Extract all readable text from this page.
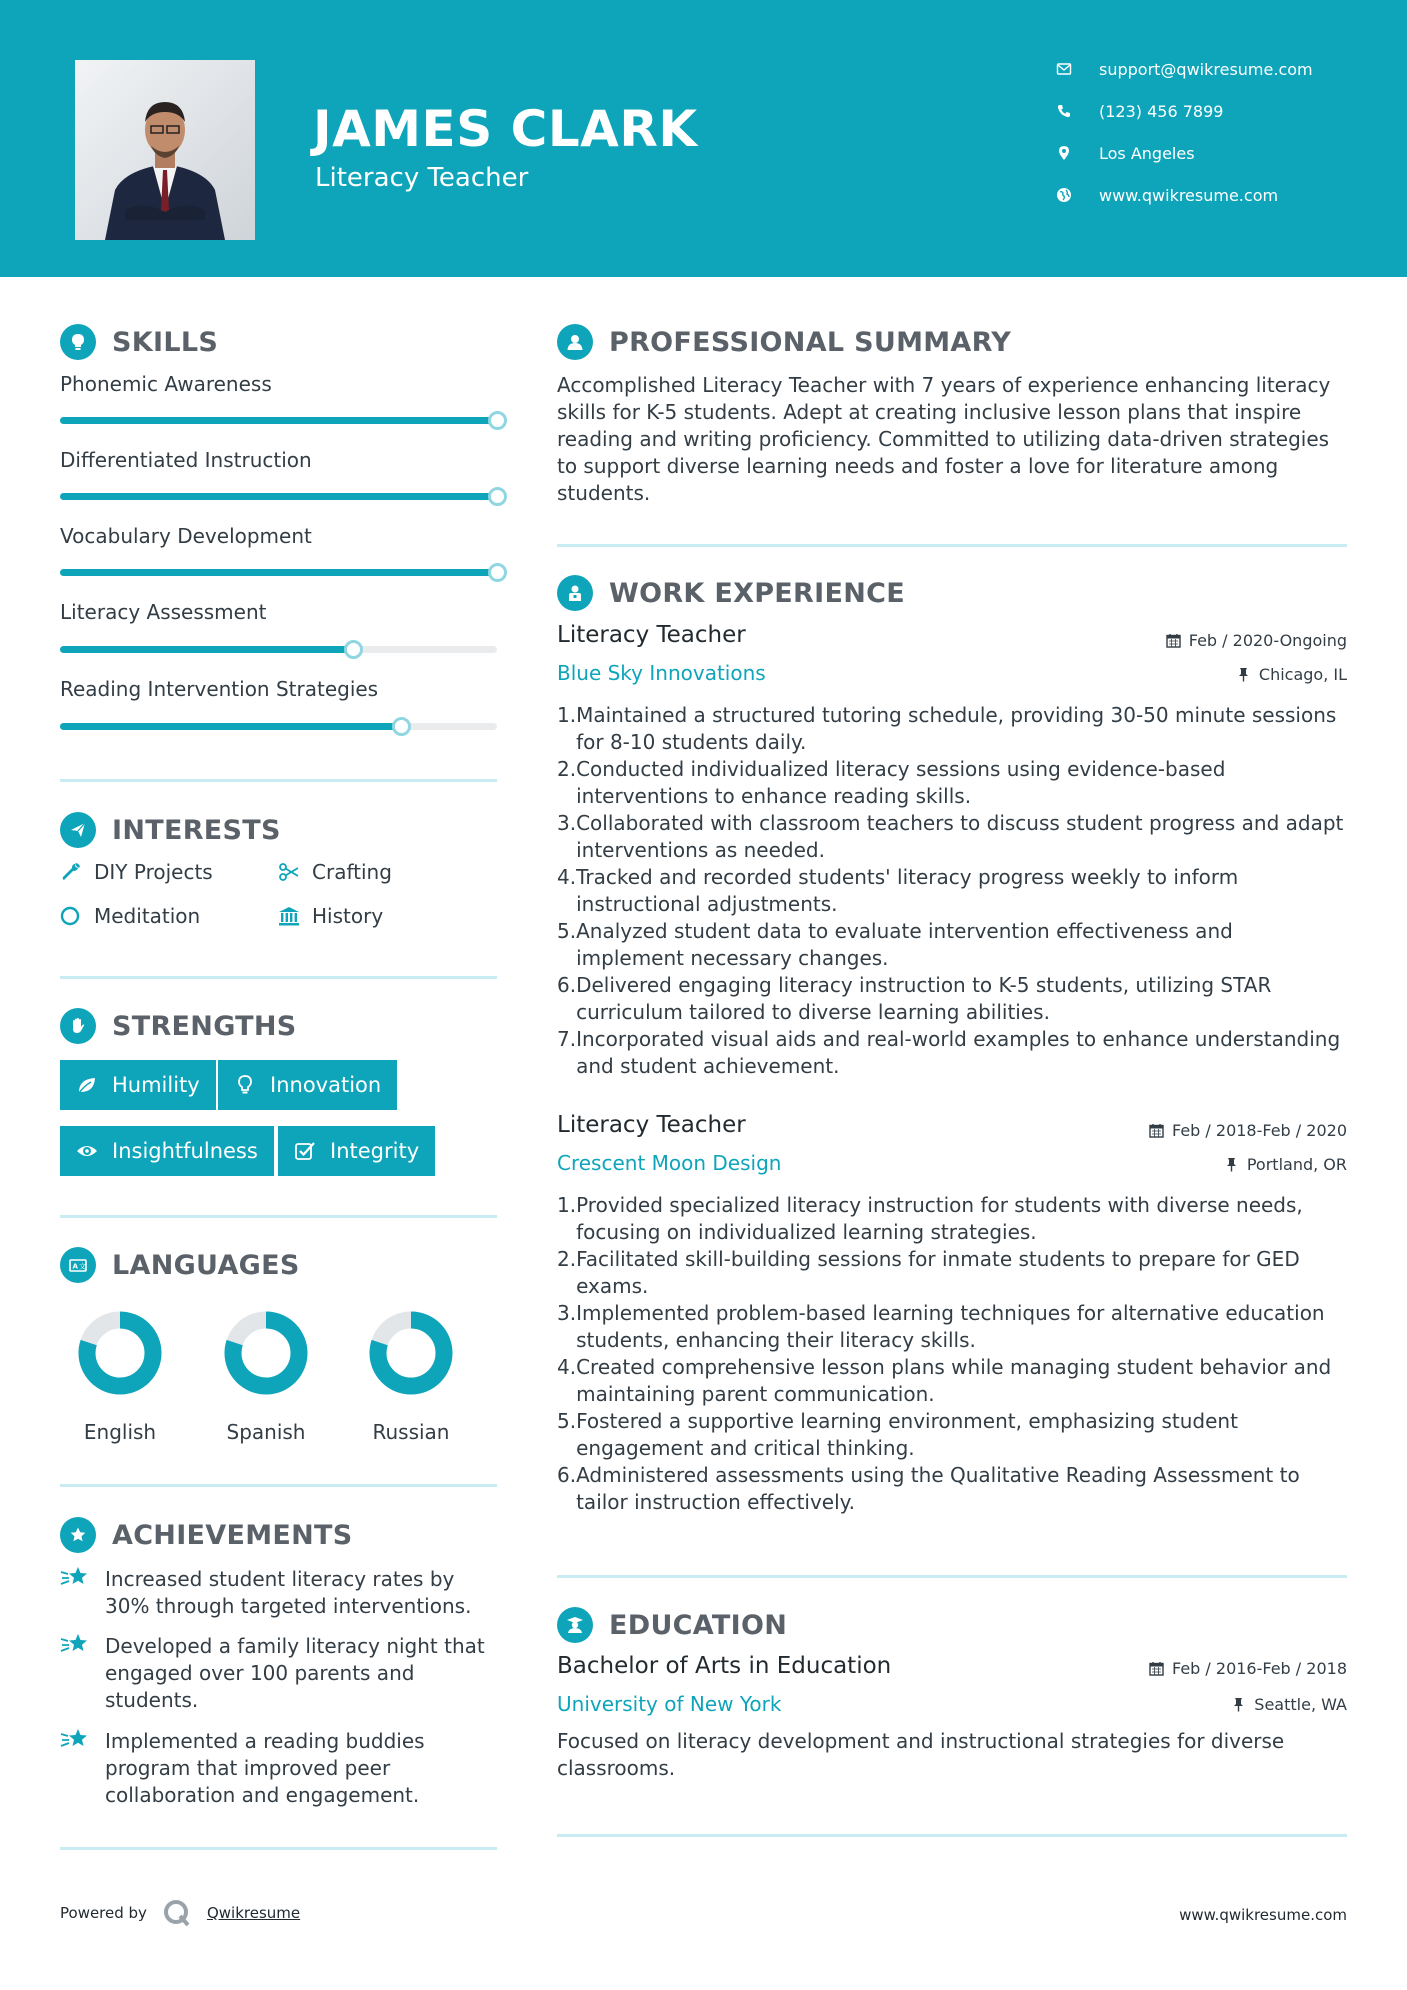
JAMES CLARK
Literacy Teacher
support@qwikresume.com
(123) 456 7899
Los Angeles
www.qwikresume.com
SKILLS
Phonemic Awareness
Differentiated Instruction
Vocabulary Development
Literacy Assessment
Reading Intervention Strategies
INTERESTS
DIY Projects	Crafting
Meditation	History
STRENGTHS
Humility	Innovation
Insightfulness	Integrity
A 文 LANGUAGES
English	Spanish	Russian
ACHIEVEMENTS
Increased student literacy rates by 30% through targeted interventions.
Developed a family literacy night that engaged over 100 parents and students.
Implemented a reading buddies program that improved peer collaboration and engagement.
PROFESSIONAL SUMMARY
Accomplished Literacy Teacher with 7 years of experience enhancing literacy skills for K-5 students. Adept at creating inclusive lesson plans that inspire reading and writing proficiency. Committed to utilizing data-driven strategies to support diverse learning needs and foster a love for literature among students.
WORK EXPERIENCE
Literacy Teacher	Feb / 2020-Ongoing
Blue Sky Innovations	Chicago, IL
1. Maintained a structured tutoring schedule, providing 30-50 minute sessions for 8-10 students daily.
2. Conducted individualized literacy sessions using evidence-based interventions to enhance reading skills.
3. Collaborated with classroom teachers to discuss student progress and adapt interventions as needed.
4. Tracked and recorded students' literacy progress weekly to inform instructional adjustments.
5. Analyzed student data to evaluate intervention effectiveness and implement necessary changes.
6. Delivered engaging literacy instruction to K-5 students, utilizing STAR curriculum tailored to diverse learning abilities.
7. Incorporated visual aids and real-world examples to enhance understanding and student achievement.
Literacy Teacher	Feb / 2018-Feb / 2020
Crescent Moon Design	Portland, OR
1. Provided specialized literacy instruction for students with diverse needs, focusing on individualized learning strategies.
2. Facilitated skill-building sessions for inmate students to prepare for GED exams.
3. Implemented problem-based learning techniques for alternative education students, enhancing their literacy skills.
4. Created comprehensive lesson plans while managing student behavior and maintaining parent communication.
5. Fostered a supportive learning environment, emphasizing student engagement and critical thinking.
6. Administered assessments using the Qualitative Reading Assessment to tailor instruction effectively.
EDUCATION
Bachelor of Arts in Education	Feb / 2016-Feb / 2018
University of New York	Seattle, WA
Focused on literacy development and instructional strategies for diverse classrooms.
Powered by	Qwikresume	www.qwikresume.com
